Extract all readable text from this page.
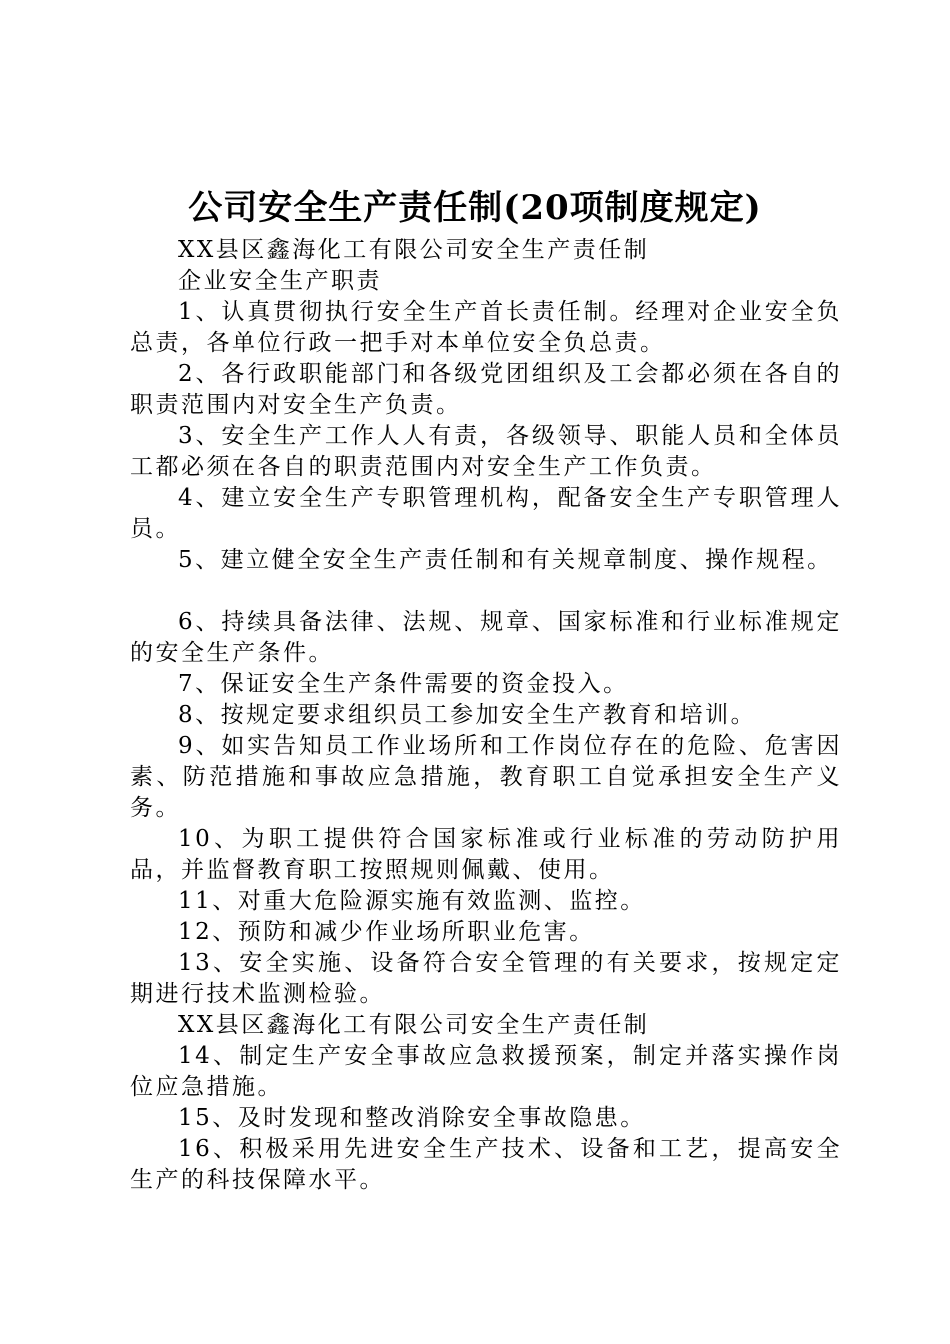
公司安全生产责任制(20项制度规定)

XX县区鑫海化工有限公司安全生产责任制

企业安全生产职责

1、认真贯彻执行安全生产首长责任制。经理对企业安全负总责，各单位行政一把手对本单位安全负总责。

2、各行政职能部门和各级党团组织及工会都必须在各自的职责范围内对安全生产负责。

3、安全生产工作人人有责，各级领导、职能人员和全体员工都必须在各自的职责范围内对安全生产工作负责。

4、建立安全生产专职管理机构，配备安全生产专职管理人员。

5、建立健全安全生产责任制和有关规章制度、操作规程。

6、持续具备法律、法规、规章、国家标准和行业标准规定的安全生产条件。

7、保证安全生产条件需要的资金投入。

8、按规定要求组织员工参加安全生产教育和培训。

9、如实告知员工作业场所和工作岗位存在的危险、危害因素、防范措施和事故应急措施，教育职工自觉承担安全生产义务。

10、为职工提供符合国家标准或行业标准的劳动防护用品，并监督教育职工按照规则佩戴、使用。

11、对重大危险源实施有效监测、监控。

12、预防和减少作业场所职业危害。

13、安全实施、设备符合安全管理的有关要求，按规定定期进行技术监测检验。

XX县区鑫海化工有限公司安全生产责任制

14、制定生产安全事故应急救援预案，制定并落实操作岗位应急措施。

15、及时发现和整改消除安全事故隐患。

16、积极采用先进安全生产技术、设备和工艺，提高安全生产的科技保障水平。
